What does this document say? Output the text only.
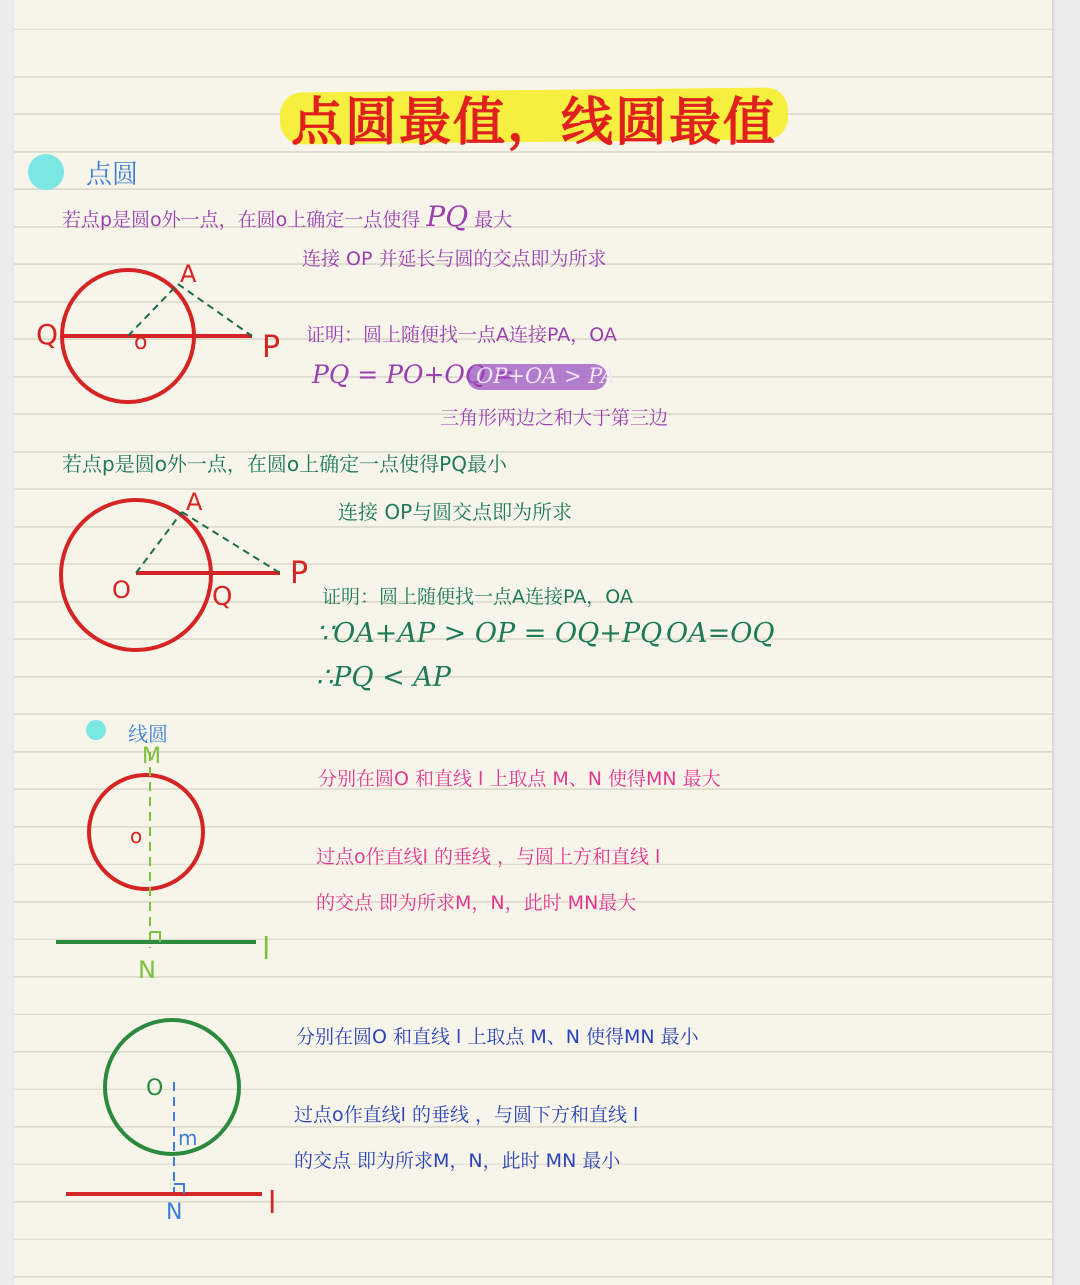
点圆最值，线圆最值
点圆
若点p是圆o外一点，在圆o上确定一点使得 PQ 最大
连接 OP 并延长与圆的交点即为所求
证明：圆上随便找一点A连接PA，OA
PQ = PO+OQ =
OP+OA > PA
三角形两边之和大于第三边
Q	o
A
P
若点p是圆o外一点，在圆o上确定一点使得PQ最小
连接 OP与圆交点即为所求
证明：圆上随便找一点A连接PA，OA
∵OA+AP > OP = OQ+PQ OA=OQ
∴PQ < AP
A
O	Q
P
线圆
分别在圆O 和直线 l 上取点 M、N 使得MN 最大
过点o作直线l 的垂线 ，与圆上方和直线 l
的交点 即为所求M，N，此时 MN最大
M
o
N
l
分别在圆O 和直线 l 上取点 M、N 使得MN 最小
过点o作直线l 的垂线 ，与圆下方和直线 l
的交点 即为所求M，N，此时 MN 最小
O
m
N	l
